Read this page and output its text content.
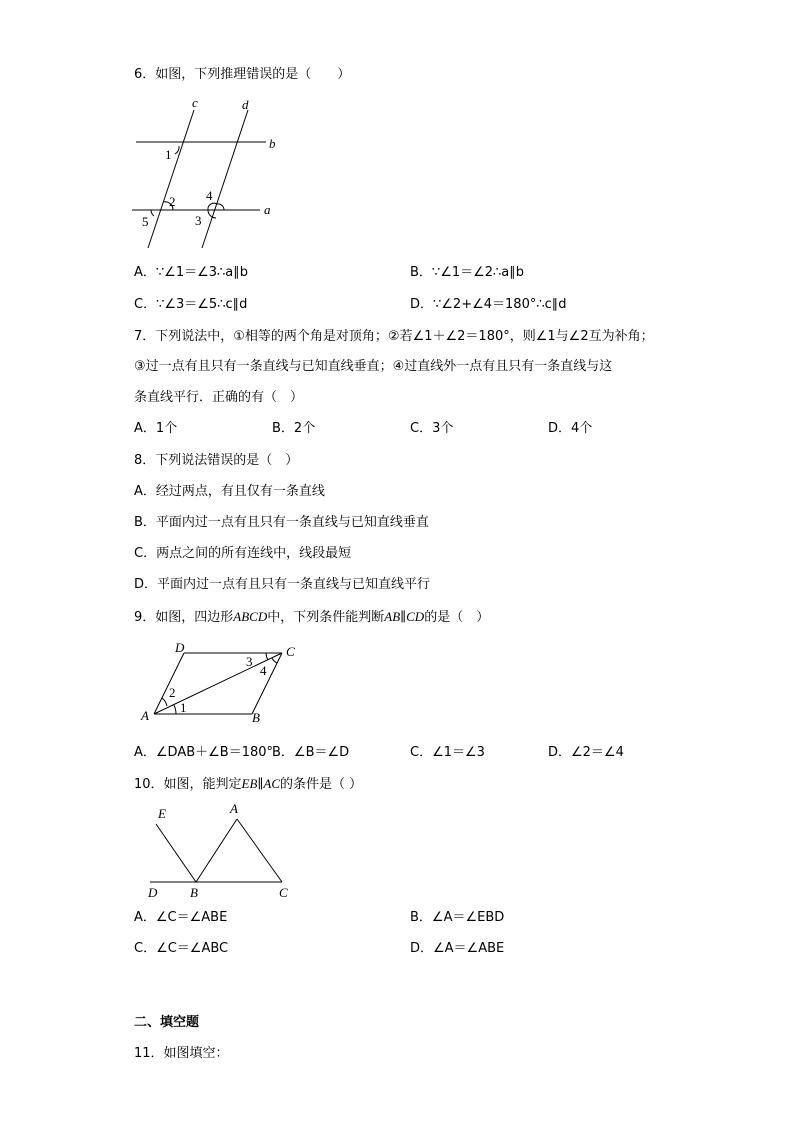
6．如图，下列推理错误的是（　　）
c	d
b
a
1
2 4
5	3
A．∵∠1＝∠3∴a∥b	B．∵∠1＝∠2∴a∥b
C．∵∠3＝∠5∴c∥d	D．∵∠2+∠4＝180°∴c∥d
7．下列说法中，①相等的两个角是对顶角；②若∠1＋∠2＝180°，则∠1与∠2互为补角；
③过一点有且只有一条直线与已知直线垂直；④过直线外一点有且只有一条直线与这
条直线平行．正确的有（　）
A．1个	B．2个	C．3个	D．4个
8．下列说法错误的是（　）
A．经过两点，有且仅有一条直线
B．平面内过一点有且只有一条直线与已知直线垂直
C．两点之间的所有连线中，线段最短
D．平面内过一点有且只有一条直线与已知直线平行
9．如图，四边形ABCD中，下列条件能判断AB∥CD的是（　）
D	C
A	B
1
2
3
4
A．∠DAB＋∠B＝180°
B．∠B＝∠D	C．∠1＝∠3	D．∠2＝∠4
10．如图，能判定EB∥AC的条件是（ ）
E	A
D	B	C
A．∠C＝∠ABE	B．∠A＝∠EBD
C．∠C＝∠ABC	D．∠A＝∠ABE
二、填空题
11．如图填空：
